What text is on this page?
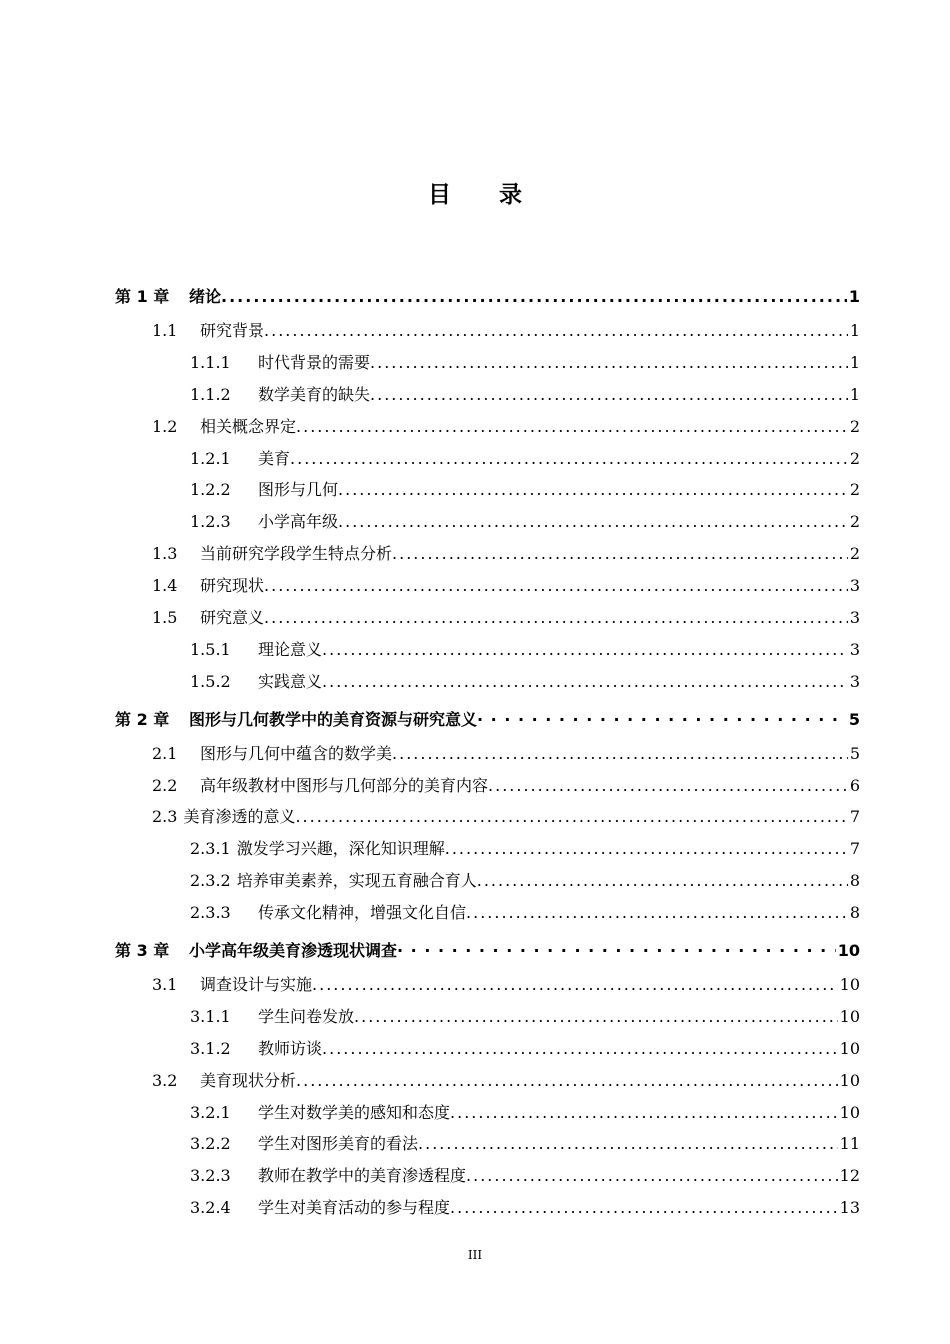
目 录
第 1 章	绪论 .....	1
1.1	研究背景 .....	1
1.1.1	时代背景的需要 .....	1
1.1.2	数学美育的缺失 .....	1
1.2	相关概念界定 .....	2
1.2.1	美育 .....	2
1.2.2	图形与几何 .....	2
1.2.3	小学高年级 .....	2
1.3	当前研究学段学生特点分析 .....	2
1.4	研究现状 .....	3
1.5	研究意义 .....	3
1.5.1	理论意义 .....	3
1.5.2	实践意义 .....	3
第 2 章	图形与几何教学中的美育资源与研究意义 · · ·	5
2.1	图形与几何中蕴含的数学美 .....	5
2.2	高年级教材中图形与几何部分的美育内容 .....	6
2.3 美育渗透的意义 .....	7
2.3.1 激发学习兴趣，深化知识理解 .....	7
2.3.2 培养审美素养，实现五育融合育人 .....	8
2.3.3	传承文化精神，增强文化自信 .....	8
第 3 章	小学高年级美育渗透现状调查 · · ·	10
3.1	调查设计与实施 .....	10
3.1.1	学生问卷发放 .....	10
3.1.2	教师访谈 .....	10
3.2	美育现状分析 .....	10
3.2.1	学生对数学美的感知和态度 .....	10
3.2.2	学生对图形美育的看法 .....	11
3.2.3	教师在教学中的美育渗透程度 .....	12
3.2.4	学生对美育活动的参与程度 .....	13
III
